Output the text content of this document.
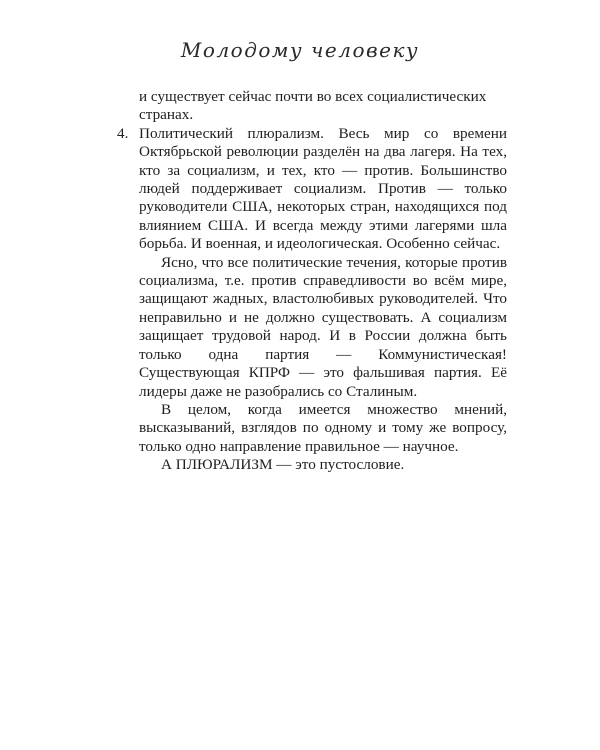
Молодому человеку

и существует сейчас почти во всех социалистических странах.

4. Политический плюрализм. Весь мир со времени Октябрьской революции разделён на два лагеря. На тех, кто за социализм, и тех, кто — против. Большинство людей поддерживает социализм. Против — только руководители США, некоторых стран, находящихся под влиянием США. И всегда между этими лагерями шла борьба. И военная, и идеологическая. Особенно сейчас.

Ясно, что все политические течения, которые против социализма, т.е. против справедливости во всём мире, защищают жадных, властолюбивых руководителей. Что неправильно и не должно существовать. А социализм защищает трудовой народ. И в России должна быть только одна партия — Коммунистическая! Существующая КПРФ — это фальшивая партия. Её лидеры даже не разобрались со Сталиным.

В целом, когда имеется множество мнений, высказываний, взглядов по одному и тому же вопросу, только одно направление правильное — научное.

А ПЛЮРАЛИЗМ — это пустословие.
